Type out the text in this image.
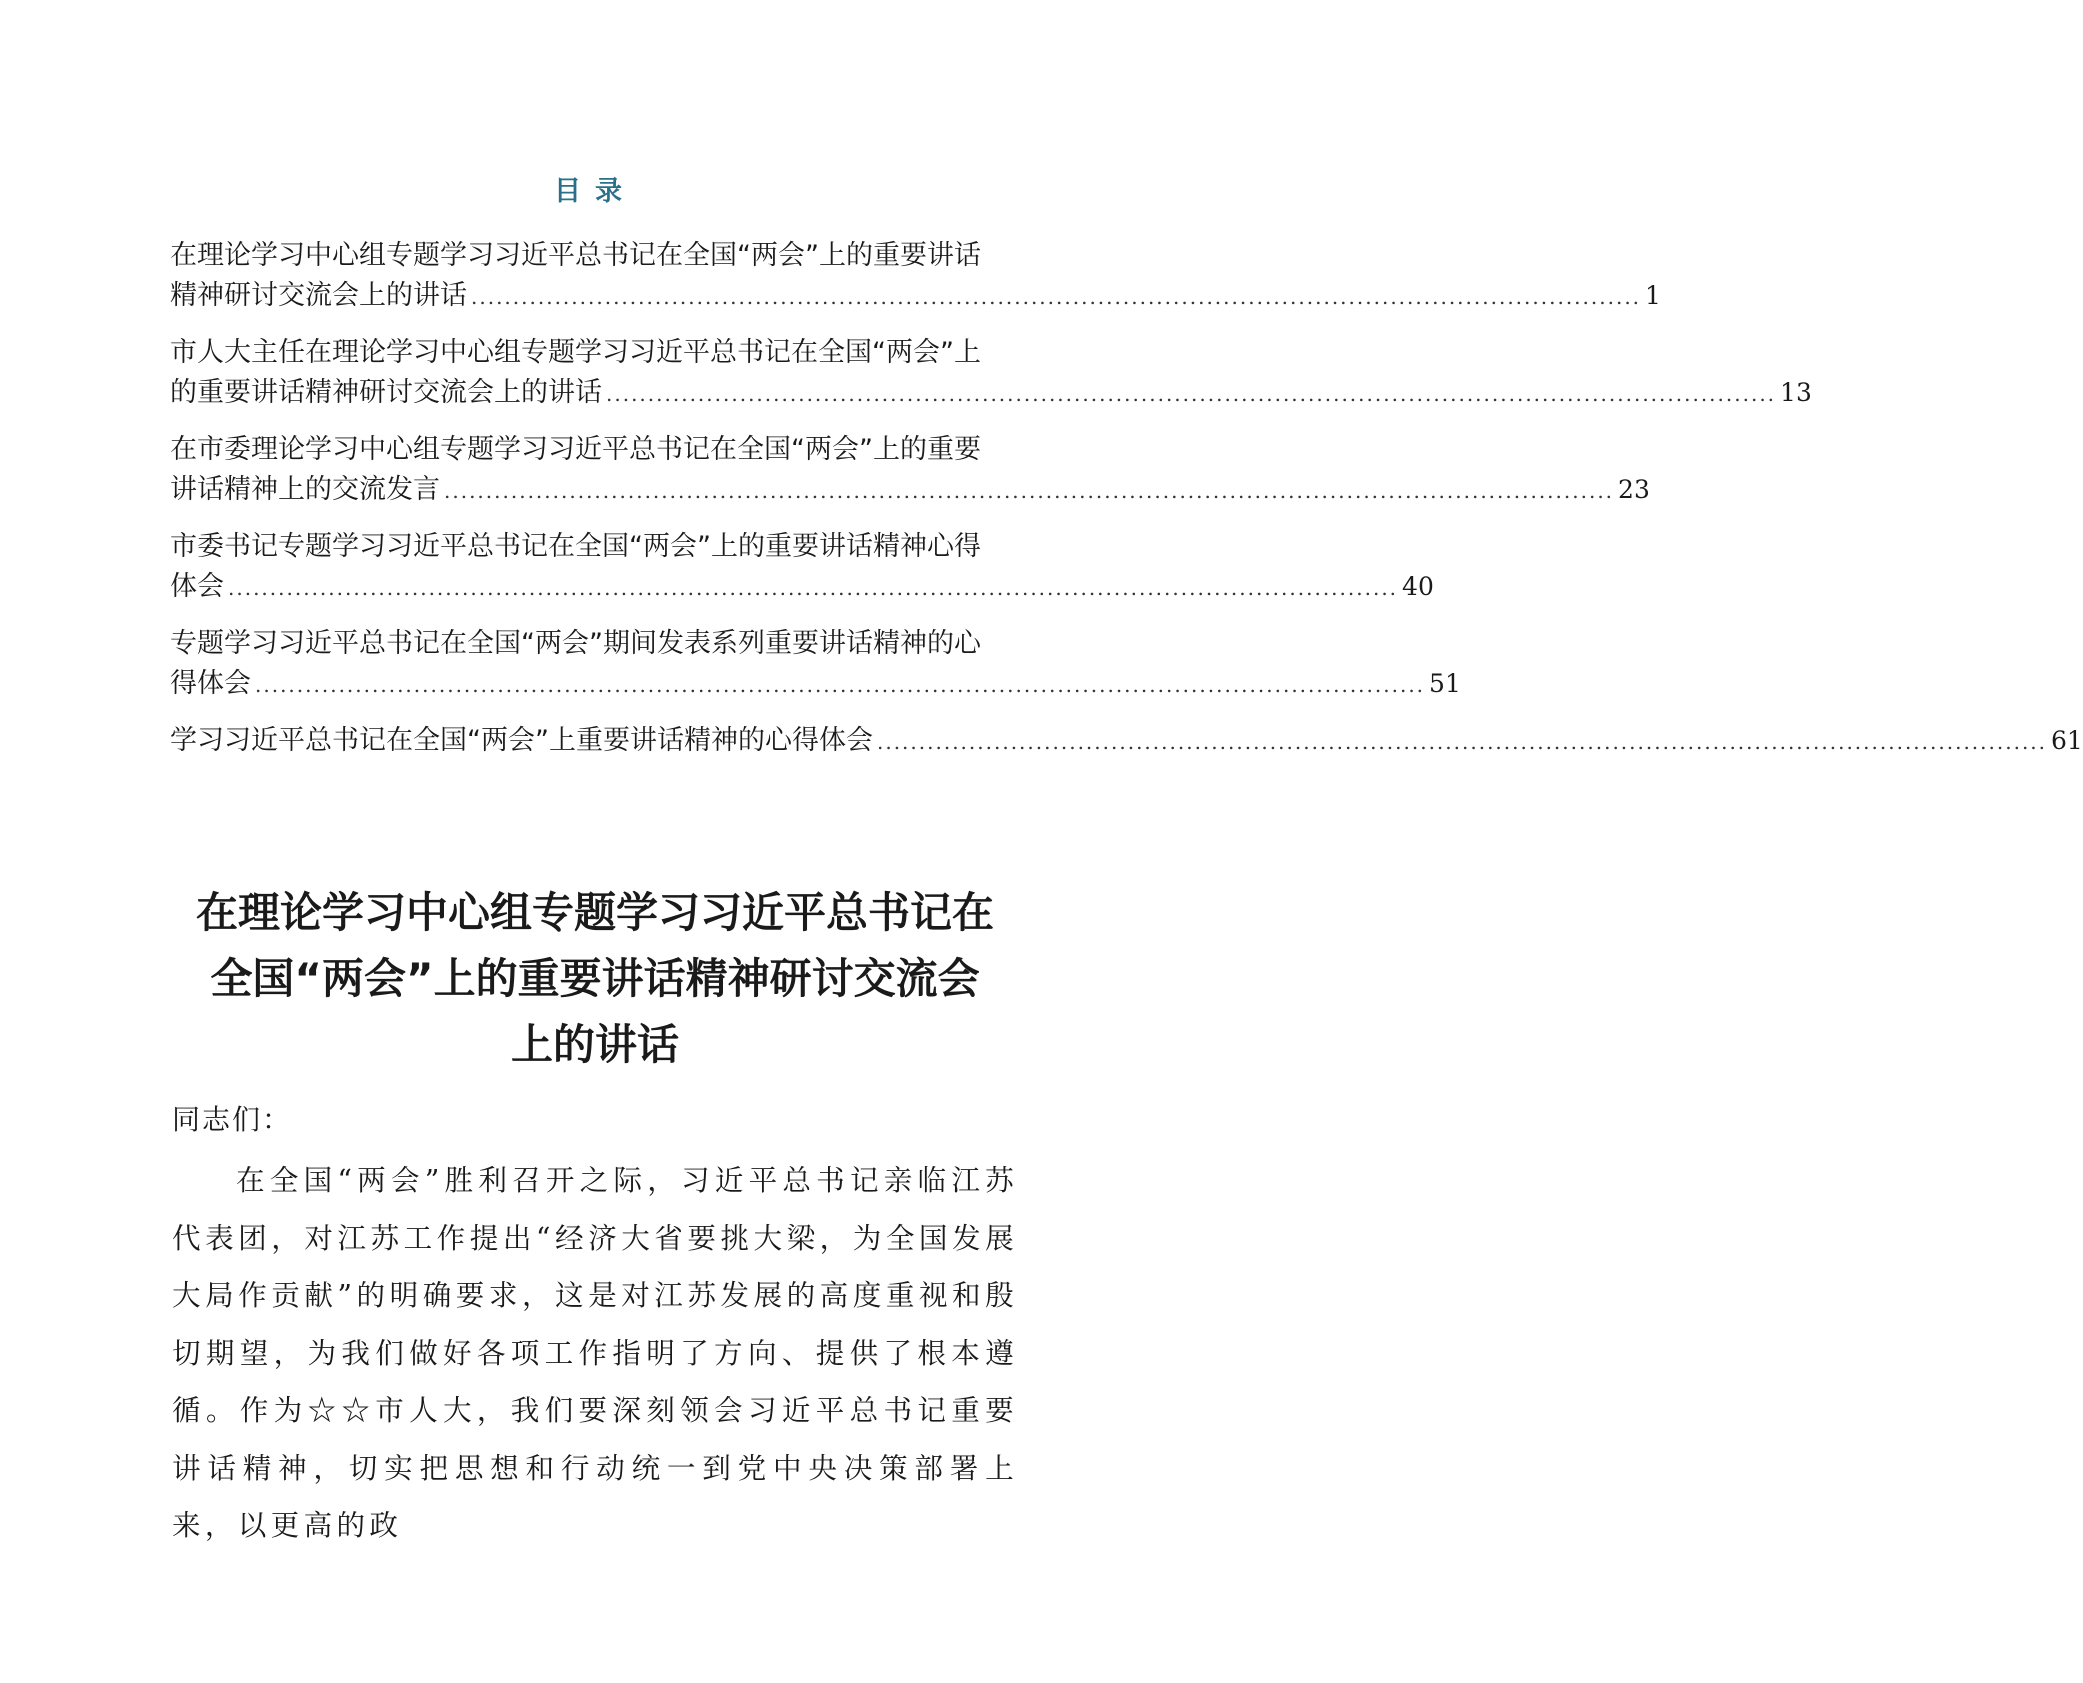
目录
在理论学习中心组专题学习习近平总书记在全国“两会”上的重要讲话
精神研讨交流会上的讲话 ............................................................................................................................................ 1
市人大主任在理论学习中心组专题学习习近平总书记在全国“两会”上
的重要讲话精神研讨交流会上的讲话 ............................................................................................................................................ 13
在市委理论学习中心组专题学习习近平总书记在全国“两会”上的重要
讲话精神上的交流发言 ............................................................................................................................................ 23
市委书记专题学习习近平总书记在全国“两会”上的重要讲话精神心得
体会 ............................................................................................................................................ 40
专题学习习近平总书记在全国“两会”期间发表系列重要讲话精神的心
得体会 ............................................................................................................................................ 51
学习习近平总书记在全国“两会”上重要讲话精神的心得体会 ............................................................................................................................................ 61
在理论学习中心组专题学习习近平总书记在
全国“两会”上的重要讲话精神研讨交流会
上的讲话
同志们：
在全国“两会”胜利召开之际，习近平总书记亲临江苏代表团，对江苏工作提出“经济大省要挑大梁，为全国发展大局作贡献”的明确要求，这是对江苏发展的高度重视和殷切期望，为我们做好各项工作指明了方向、提供了根本遵循。作为☆☆市人大，我们要深刻领会习近平总书记重要讲话精神，切实把思想和行动统一到党中央决策部署上来，以更高的政
